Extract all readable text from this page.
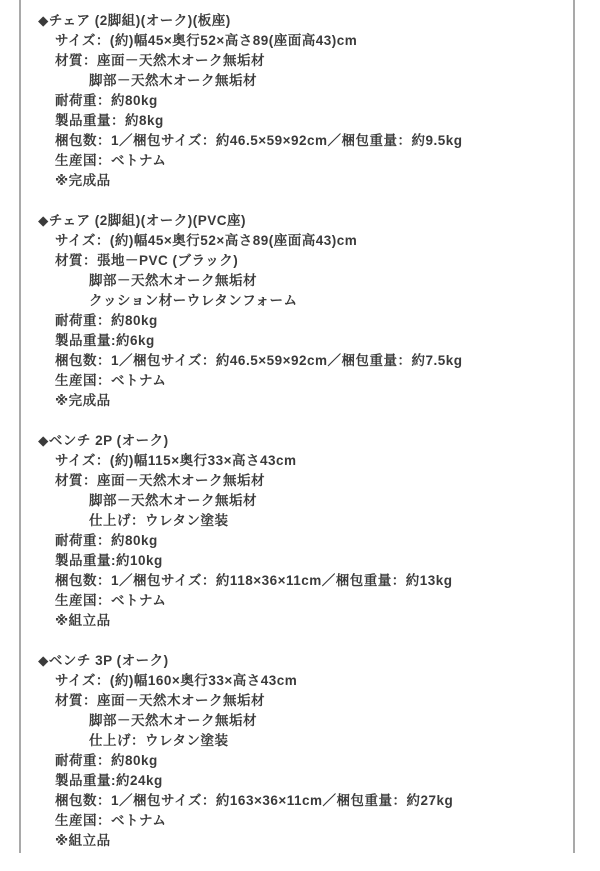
◆チェア (2脚組)(オーク)(板座)

サイズ：(約)幅45×奥行52×高さ89(座面高43)cm

材質：座面－天然木オーク無垢材

脚部－天然木オーク無垢材

耐荷重：約80kg

製品重量：約8kg

梱包数：1／梱包サイズ：約46.5×59×92cm／梱包重量：約9.5kg

生産国：ベトナム

※完成品

◆チェア (2脚組)(オーク)(PVC座)

サイズ：(約)幅45×奥行52×高さ89(座面高43)cm

材質：張地－PVC (ブラック)

脚部－天然木オーク無垢材

クッション材ーウレタンフォーム

耐荷重：約80kg

製品重量:約6kg

梱包数：1／梱包サイズ：約46.5×59×92cm／梱包重量：約7.5kg

生産国：ベトナム

※完成品

◆ベンチ 2P (オーク)

サイズ：(約)幅115×奥行33×高さ43cm

材質：座面－天然木オーク無垢材

脚部－天然木オーク無垢材

仕上げ：ウレタン塗装

耐荷重：約80kg

製品重量:約10kg

梱包数：1／梱包サイズ：約118×36×11cm／梱包重量：約13kg

生産国：ベトナム

※組立品

◆ベンチ 3P (オーク)

サイズ：(約)幅160×奥行33×高さ43cm

材質：座面－天然木オーク無垢材

脚部－天然木オーク無垢材

仕上げ：ウレタン塗装

耐荷重：約80kg

製品重量:約24kg

梱包数：1／梱包サイズ：約163×36×11cm／梱包重量：約27kg

生産国：ベトナム

※組立品
